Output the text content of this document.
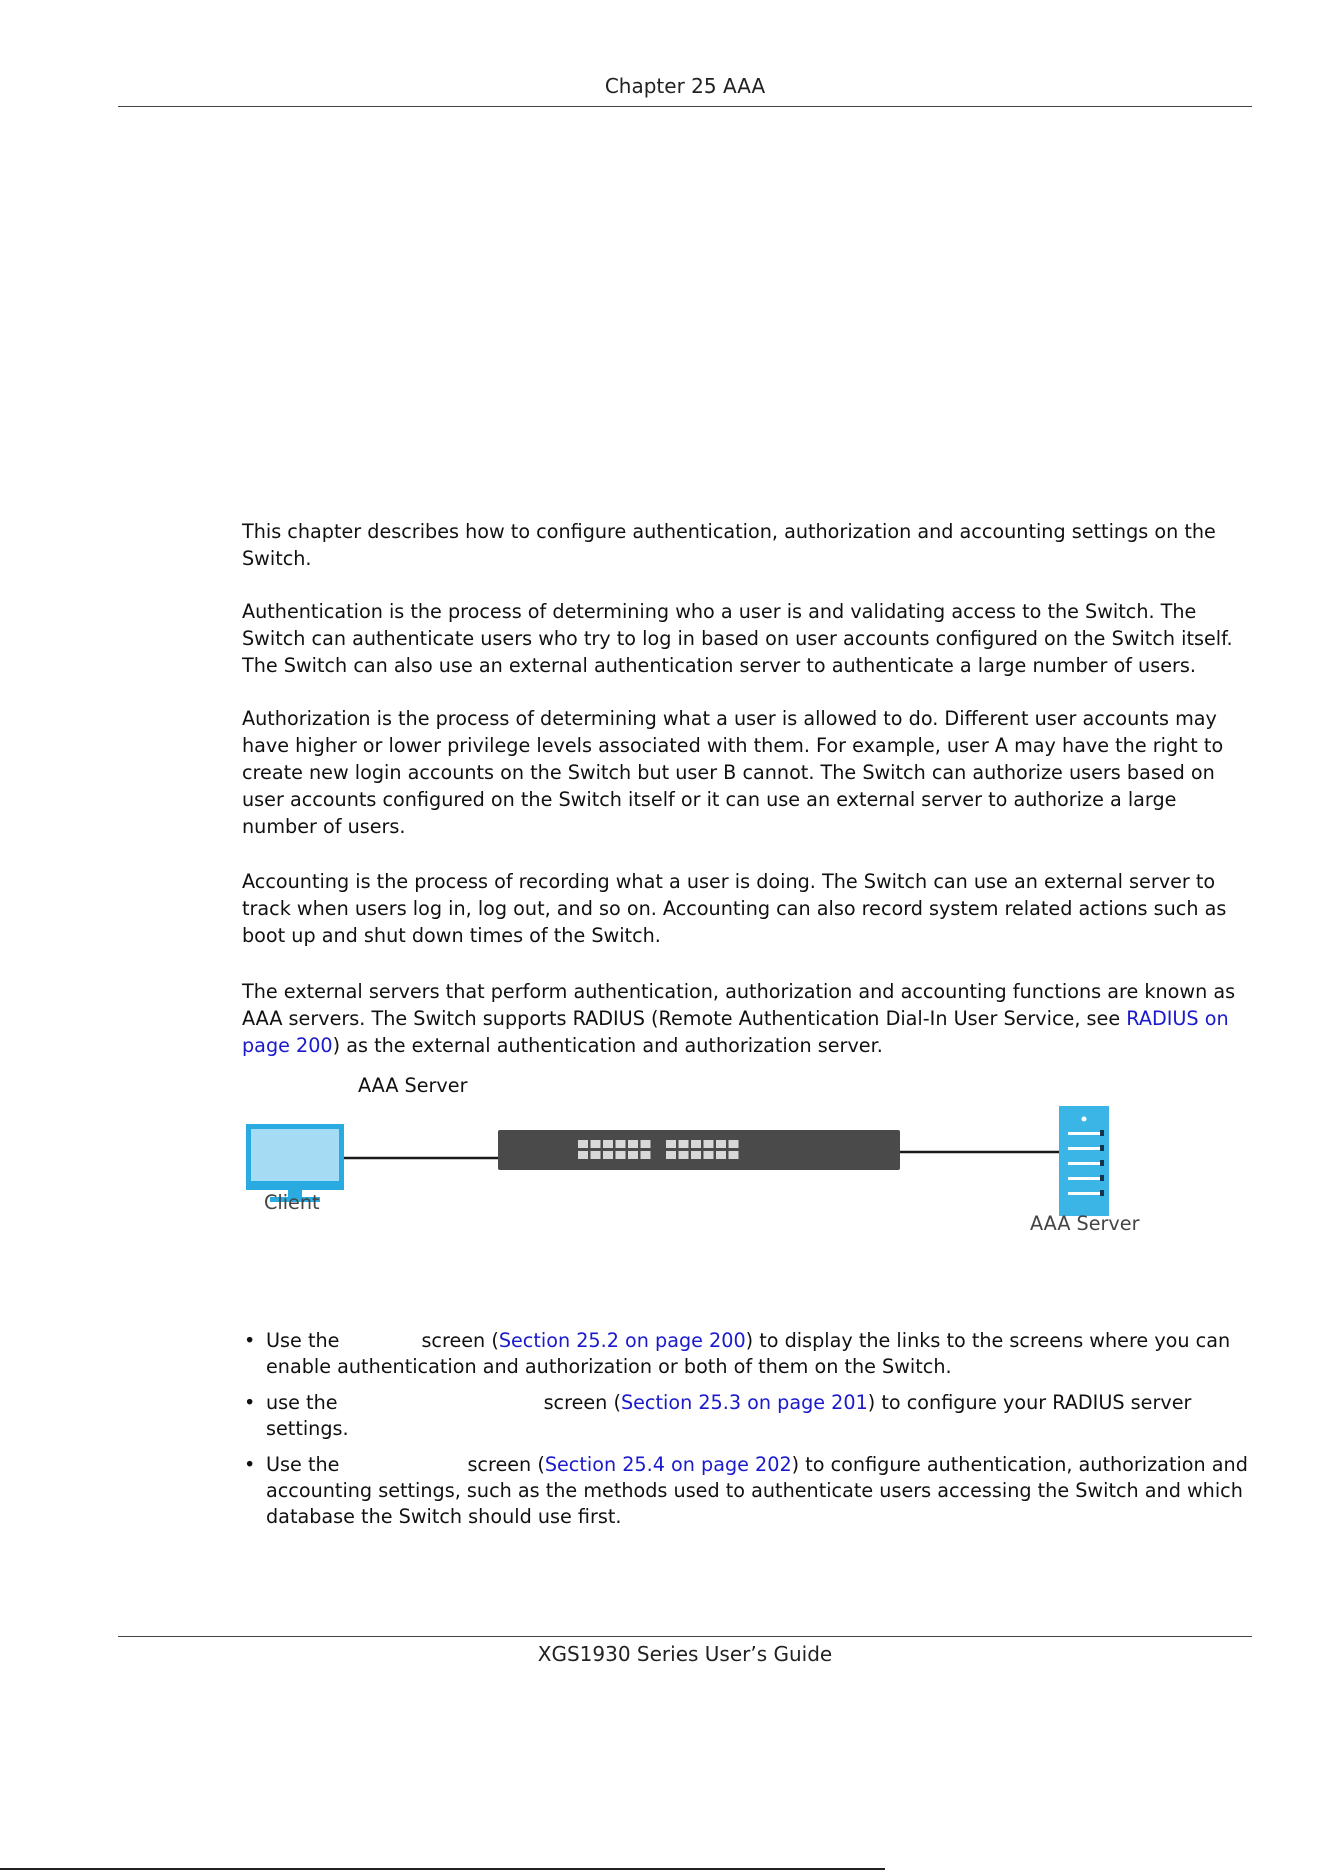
Chapter 25 AAA

This chapter describes how to configure authentication, authorization and accounting settings on the Switch.

Authentication is the process of determining who a user is and validating access to the Switch. The Switch can authenticate users who try to log in based on user accounts configured on the Switch itself. The Switch can also use an external authentication server to authenticate a large number of users.

Authorization is the process of determining what a user is allowed to do. Different user accounts may have higher or lower privilege levels associated with them. For example, user A may have the right to create new login accounts on the Switch but user B cannot. The Switch can authorize users based on user accounts configured on the Switch itself or it can use an external server to authorize a large number of users.

Accounting is the process of recording what a user is doing. The Switch can use an external server to track when users log in, log out, and so on. Accounting can also record system related actions such as boot up and shut down times of the Switch.

The external servers that perform authentication, authorization and accounting functions are known as AAA servers. The Switch supports RADIUS (Remote Authentication Dial-In User Service, see RADIUS on page 200) as the external authentication and authorization server.

AAA Server
Client
AAA Server
• Use the	screen (Section 25.2 on page 200) to display the links to the screens where you can enable authentication and authorization or both of them on the Switch.
• use the	screen (Section 25.3 on page 201) to configure your RADIUS server settings.
• Use the	screen (Section 25.4 on page 202) to configure authentication, authorization and accounting settings, such as the methods used to authenticate users accessing the Switch and which database the Switch should use first.
XGS1930 Series User’s Guide
